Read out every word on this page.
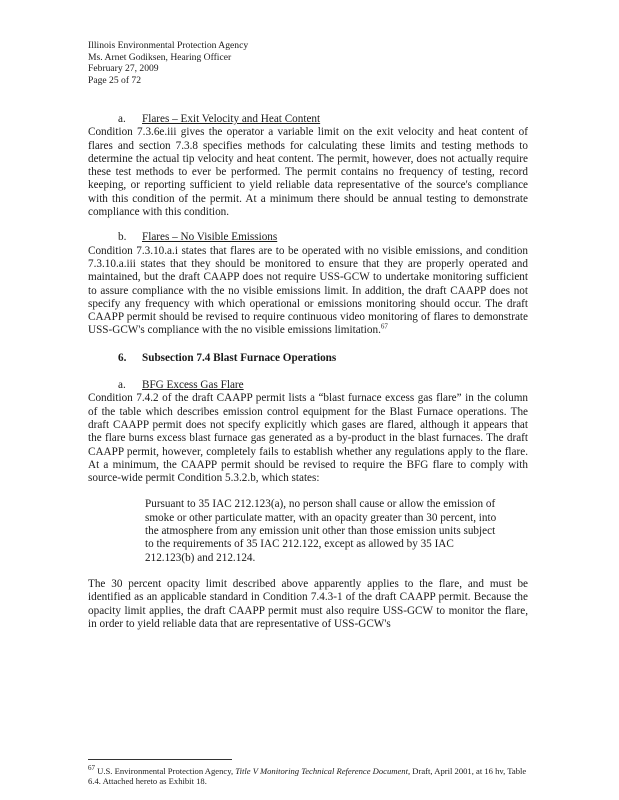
Illinois Environmental Protection Agency
Ms. Arnet Godiksen, Hearing Officer
February 27, 2009
Page 25 of 72
a. Flares – Exit Velocity and Heat Content

Condition 7.3.6e.iii gives the operator a variable limit on the exit velocity and heat content of flares and section 7.3.8 specifies methods for calculating these limits and testing methods to determine the actual tip velocity and heat content. The permit, however, does not actually require these test methods to ever be performed. The permit contains no frequency of testing, record keeping, or reporting sufficient to yield reliable data representative of the source's compliance with this condition of the permit. At a minimum there should be annual testing to demonstrate compliance with this condition.

b. Flares – No Visible Emissions

Condition 7.3.10.a.i states that flares are to be operated with no visible emissions, and condition 7.3.10.a.iii states that they should be monitored to ensure that they are properly operated and maintained, but the draft CAAPP does not require USS-GCW to undertake monitoring sufficient to assure compliance with the no visible emissions limit. In addition, the draft CAAPP does not specify any frequency with which operational or emissions monitoring should occur. The draft CAAPP permit should be revised to require continuous video monitoring of flares to demonstrate USS-GCW's compliance with the no visible emissions limitation.$^{67}$

6. Subsection 7.4 Blast Furnace Operations
a. BFG Excess Gas Flare

Condition 7.4.2 of the draft CAAPP permit lists a “blast furnace excess gas flare” in the column of the table which describes emission control equipment for the Blast Furnace operations. The draft CAAPP permit does not specify explicitly which gases are flared, although it appears that the flare burns excess blast furnace gas generated as a by-product in the blast furnaces. The draft CAAPP permit, however, completely fails to establish whether any regulations apply to the flare. At a minimum, the CAAPP permit should be revised to require the BFG flare to comply with source-wide permit Condition 5.3.2.b, which states:

Pursuant to 35 IAC 212.123(a), no person shall cause or allow the emission of smoke or other particulate matter, with an opacity greater than 30 percent, into the atmosphere from any emission unit other than those emission units subject to the requirements of 35 IAC 212.122, except as allowed by 35 IAC 212.123(b) and 212.124.

The 30 percent opacity limit described above apparently applies to the flare, and must be identified as an applicable standard in Condition 7.4.3-1 of the draft CAAPP permit. Because the opacity limit applies, the draft CAAPP permit must also require USS-GCW to monitor the flare, in order to yield reliable data that are representative of USS-GCW's

$^{67}$ U.S. Environmental Protection Agency, Title V Monitoring Technical Reference Document, Draft, April 2001, at 16 hv, Table 6.4. Attached hereto as Exhibit 18.
